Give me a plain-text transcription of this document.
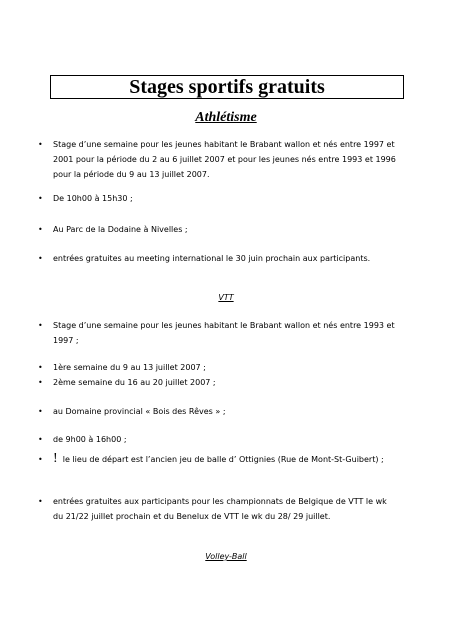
Stages sportifs gratuits
Athlétisme
•	Stage d’une semaine pour les jeunes habitant le Brabant wallon et nés entre 1997 et 2001 pour la période du 2 au 6 juillet 2007 et pour les jeunes nés entre 1993 et 1996 pour la période du 9 au 13 juillet 2007.
•	De 10h00 à 15h30 ;
•	Au Parc de la Dodaine à Nivelles ;
•	entrées gratuites au meeting international le 30 juin prochain aux participants.
VTT
•	Stage d’une semaine pour les jeunes habitant le Brabant wallon et nés entre 1993 et 1997 ;
•	1ère semaine du 9 au 13 juillet 2007 ;
•	2ème semaine du 16 au 20 juillet 2007 ;
•	au Domaine provincial « Bois des Rêves » ;
•	de 9h00 à 16h00 ;
• ! le lieu de départ est l’ancien jeu de balle d’ Ottignies (Rue de Mont-St-Guibert) ;
•	entrées gratuites aux participants pour les championnats de Belgique de VTT le wk du 21/22 juillet prochain et du Benelux de VTT le wk du 28/ 29 juillet.
Volley-Ball
